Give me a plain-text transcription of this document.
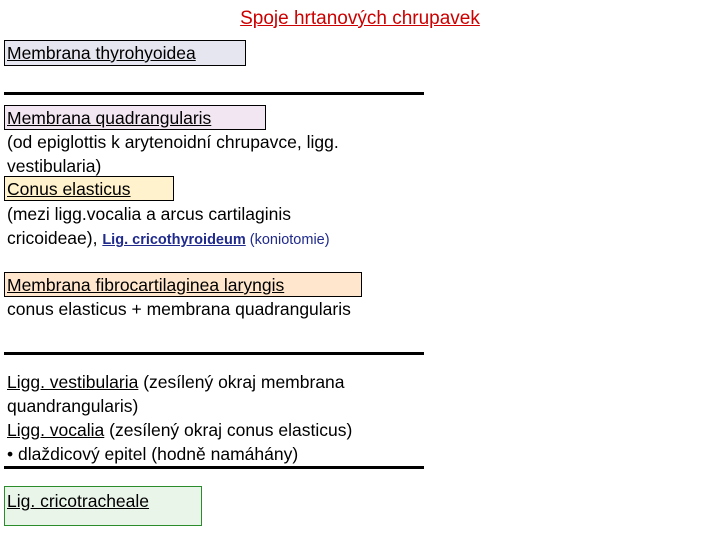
Spoje hrtanových chrupavek
Membrana thyrohyoidea
Membrana quadrangularis
(od epiglottis k arytenoidní chrupavce, ligg.
vestibularia)
Conus elasticus
(mezi ligg.vocalia a arcus cartilaginis
cricoideae), Lig. cricothyroideum (koniotomie)
Membrana fibrocartilaginea laryngis
conus elasticus + membrana quadrangularis
Ligg. vestibularia (zesílený okraj membrana
quandrangularis)
Ligg. vocalia (zesílený okraj conus elasticus)
• dlaždicový epitel (hodně namáhány)
Lig. cricotracheale
